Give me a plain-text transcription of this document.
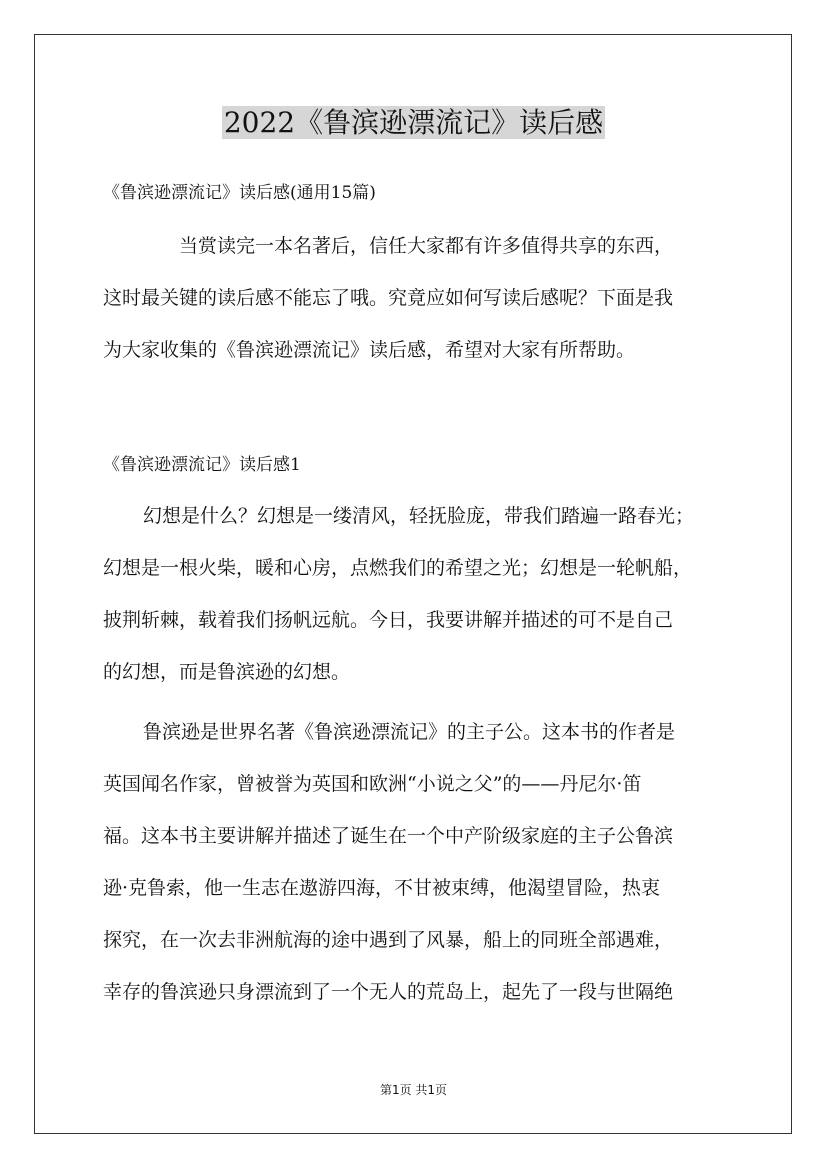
2022《鲁滨逊漂流记》读后感
《鲁滨逊漂流记》读后感(通用15篇)

当赏读完一本名著后，信任大家都有许多值得共享的东西，
这时最关键的读后感不能忘了哦。究竟应如何写读后感呢？下面是我
为大家收集的《鲁滨逊漂流记》读后感，希望对大家有所帮助。

《鲁滨逊漂流记》读后感1

幻想是什么？幻想是一缕清风，轻抚脸庞，带我们踏遍一路春光；
幻想是一根火柴，暖和心房，点燃我们的希望之光；幻想是一轮帆船，
披荆斩棘，载着我们扬帆远航。今日，我要讲解并描述的可不是自己
的幻想，而是鲁滨逊的幻想。

鲁滨逊是世界名著《鲁滨逊漂流记》的主子公。这本书的作者是
英国闻名作家，曾被誉为英国和欧洲“小说之父”的——丹尼尔·笛
福。这本书主要讲解并描述了诞生在一个中产阶级家庭的主子公鲁滨
逊·克鲁索，他一生志在遨游四海，不甘被束缚，他渴望冒险，热衷
探究，在一次去非洲航海的途中遇到了风暴，船上的同班全部遇难，
幸存的鲁滨逊只身漂流到了一个无人的荒岛上，起先了一段与世隔绝

第1页 共1页
